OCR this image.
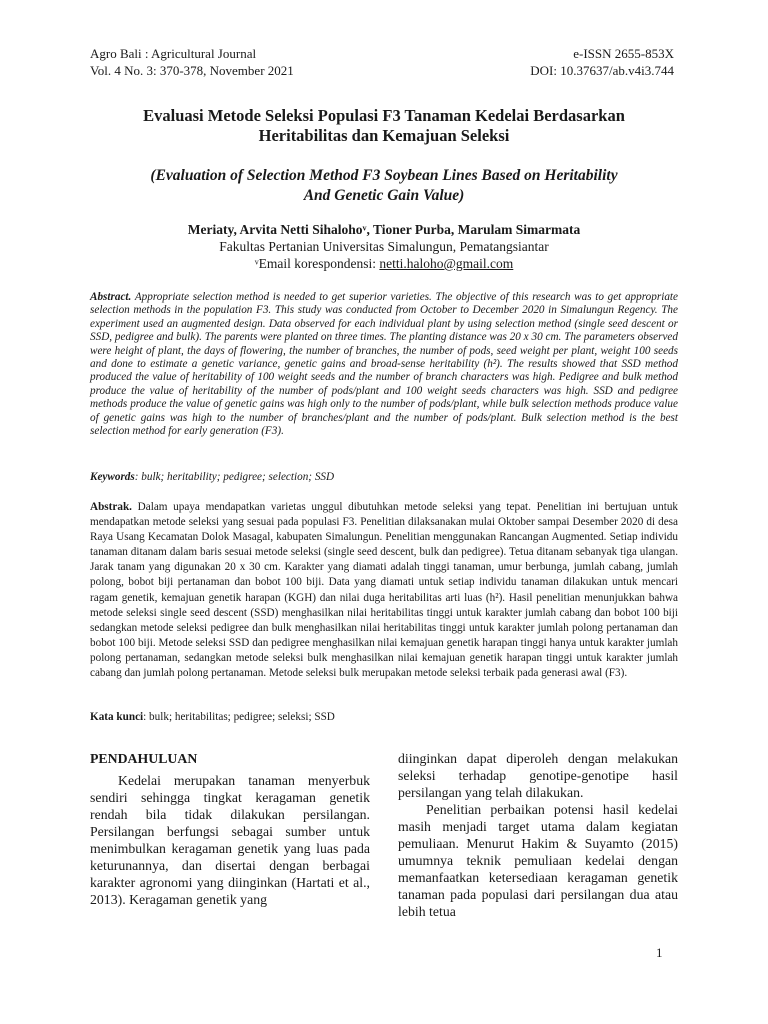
Agro Bali : Agricultural Journal
Vol. 4 No. 3: 370-378, November 2021
e-ISSN 2655-853X
DOI: 10.37637/ab.v4i3.744
Evaluasi Metode Seleksi Populasi F3 Tanaman Kedelai Berdasarkan
Heritabilitas dan Kemajuan Seleksi
(Evaluation of Selection Method F3 Soybean Lines Based on Heritability
And Genetic Gain Value)
Meriaty, Arvita Netti Sihalohoᵛ, Tioner Purba, Marulam Simarmata
Fakultas Pertanian Universitas Simalungun, Pematangsiantar
ᵛEmail korespondensi: netti.haloho@gmail.com
Abstract. Appropriate selection method is needed to get superior varieties. The objective of this research was to get appropriate selection methods in the population F3. This study was conducted from October to December 2020 in Simalungun Regency. The experiment used an augmented design. Data observed for each individual plant by using selection method (single seed descent or SSD, pedigree and bulk). The parents were planted on three times. The planting distance was 20 x 30 cm. The parameters observed were height of plant, the days of flowering, the number of branches, the number of pods, seed weight per plant, weight 100 seeds and done to estimate a genetic variance, genetic gains and broad-sense heritability (h²). The results showed that SSD method produced the value of heritability of 100 weight seeds and the number of branch characters was high. Pedigree and bulk method produce the value of heritability of the number of pods/plant and 100 weight seeds characters was high. SSD and pedigree methods produce the value of genetic gains was high only to the number of pods/plant, while bulk selection methods produce value of genetic gains was high to the number of branches/plant and the number of pods/plant. Bulk selection method is the best selection method for early generation (F3).
Keywords: bulk; heritability; pedigree; selection; SSD
Abstrak. Dalam upaya mendapatkan varietas unggul dibutuhkan metode seleksi yang tepat. Penelitian ini bertujuan untuk mendapatkan metode seleksi yang sesuai pada populasi F3. Penelitian dilaksanakan mulai Oktober sampai Desember 2020 di desa Raya Usang Kecamatan Dolok Masagal, kabupaten Simalungun. Penelitian menggunakan Rancangan Augmented. Setiap individu tanaman ditanam dalam baris sesuai metode seleksi (single seed descent, bulk dan pedigree). Tetua ditanam sebanyak tiga ulangan. Jarak tanam yang digunakan 20 x 30 cm. Karakter yang diamati adalah tinggi tanaman, umur berbunga, jumlah cabang, jumlah polong, bobot biji pertanaman dan bobot 100 biji. Data yang diamati untuk setiap individu tanaman dilakukan untuk mencari ragam genetik, kemajuan genetik harapan (KGH) dan nilai duga heritabilitas arti luas (h²). Hasil penelitian menunjukkan bahwa metode seleksi single seed descent (SSD) menghasilkan nilai heritabilitas tinggi untuk karakter jumlah cabang dan bobot 100 biji sedangkan metode seleksi pedigree dan bulk menghasilkan nilai heritabilitas tinggi untuk karakter jumlah polong pertanaman dan bobot 100 biji. Metode seleksi SSD dan pedigree menghasilkan nilai kemajuan genetik harapan tinggi hanya untuk karakter jumlah polong pertanaman, sedangkan metode seleksi bulk menghasilkan nilai kemajuan genetik harapan tinggi untuk karakter jumlah cabang dan jumlah polong pertanaman. Metode seleksi bulk merupakan metode seleksi terbaik pada generasi awal (F3).
Kata kunci: bulk; heritabilitas; pedigree; seleksi; SSD
PENDAHULUAN

Kedelai merupakan tanaman menyerbuk sendiri sehingga tingkat keragaman genetik rendah bila tidak dilakukan persilangan. Persilangan berfungsi sebagai sumber untuk menimbulkan keragaman genetik yang luas pada keturunannya, dan disertai dengan berbagai karakter agronomi yang diinginkan (Hartati et al., 2013). Keragaman genetik yang

diinginkan dapat diperoleh dengan melakukan seleksi terhadap genotipe-genotipe hasil persilangan yang telah dilakukan.

Penelitian perbaikan potensi hasil kedelai masih menjadi target utama dalam kegiatan pemuliaan. Menurut Hakim & Suyamto (2015) umumnya teknik pemuliaan kedelai dengan memanfaatkan ketersediaan keragaman genetik tanaman pada populasi dari persilangan dua atau lebih tetua

1
